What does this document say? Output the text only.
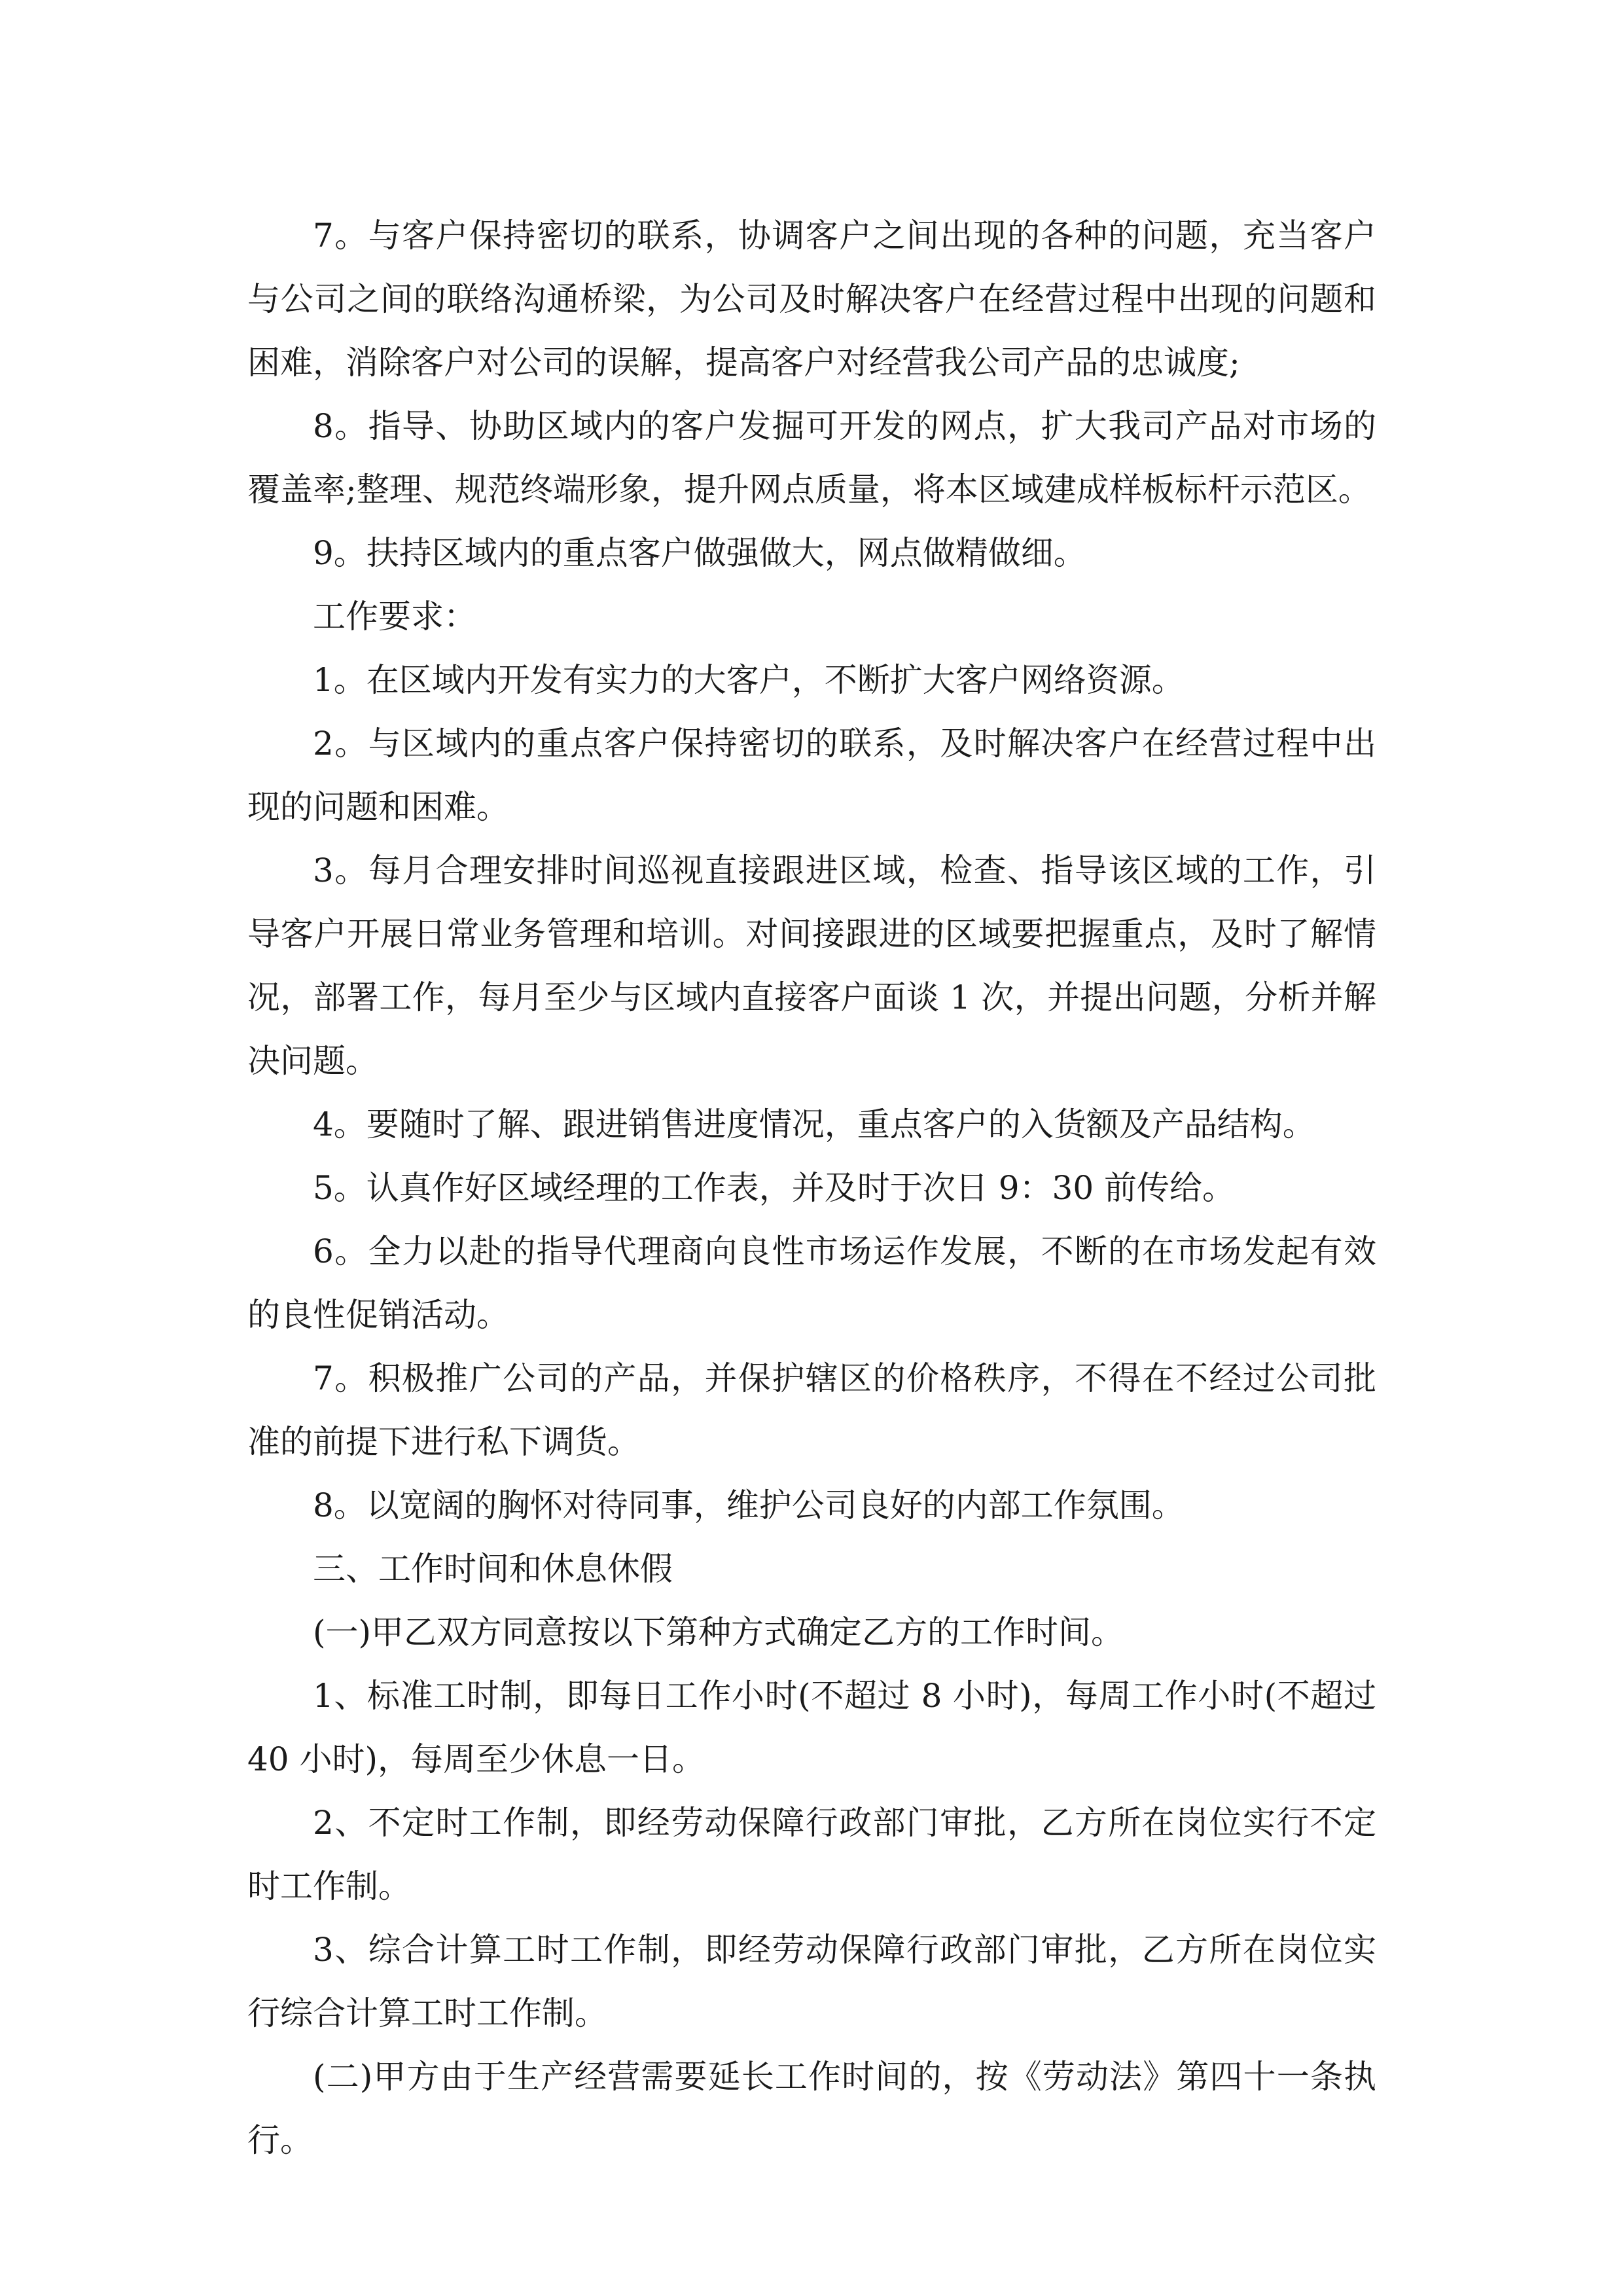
7。与客户保持密切的联系，协调客户之间出现的各种的问题，充当客户与公司之间的联络沟通桥梁，为公司及时解决客户在经营过程中出现的问题和困难，消除客户对公司的误解，提高客户对经营我公司产品的忠诚度;

8。指导、协助区域内的客户发掘可开发的网点，扩大我司产品对市场的覆盖率;整理、规范终端形象，提升网点质量，将本区域建成样板标杆示范区。

9。扶持区域内的重点客户做强做大，网点做精做细。

工作要求：

1。在区域内开发有实力的大客户，不断扩大客户网络资源。

2。与区域内的重点客户保持密切的联系，及时解决客户在经营过程中出现的问题和困难。

3。每月合理安排时间巡视直接跟进区域，检查、指导该区域的工作，引导客户开展日常业务管理和培训。对间接跟进的区域要把握重点，及时了解情况，部署工作，每月至少与区域内直接客户面谈 1 次，并提出问题，分析并解决问题。

4。要随时了解、跟进销售进度情况，重点客户的入货额及产品结构。

5。认真作好区域经理的工作表，并及时于次日 9：30 前传给。

6。全力以赴的指导代理商向良性市场运作发展，不断的在市场发起有效的良性促销活动。

7。积极推广公司的产品，并保护辖区的价格秩序，不得在不经过公司批准的前提下进行私下调货。

8。以宽阔的胸怀对待同事，维护公司良好的内部工作氛围。

三、工作时间和休息休假

(一)甲乙双方同意按以下第种方式确定乙方的工作时间。

1、标准工时制，即每日工作小时(不超过 8 小时)，每周工作小时(不超过 40 小时)，每周至少休息一日。

2、不定时工作制，即经劳动保障行政部门审批，乙方所在岗位实行不定时工作制。

3、综合计算工时工作制，即经劳动保障行政部门审批，乙方所在岗位实行综合计算工时工作制。

(二)甲方由于生产经营需要延长工作时间的，按《劳动法》第四十一条执行。
